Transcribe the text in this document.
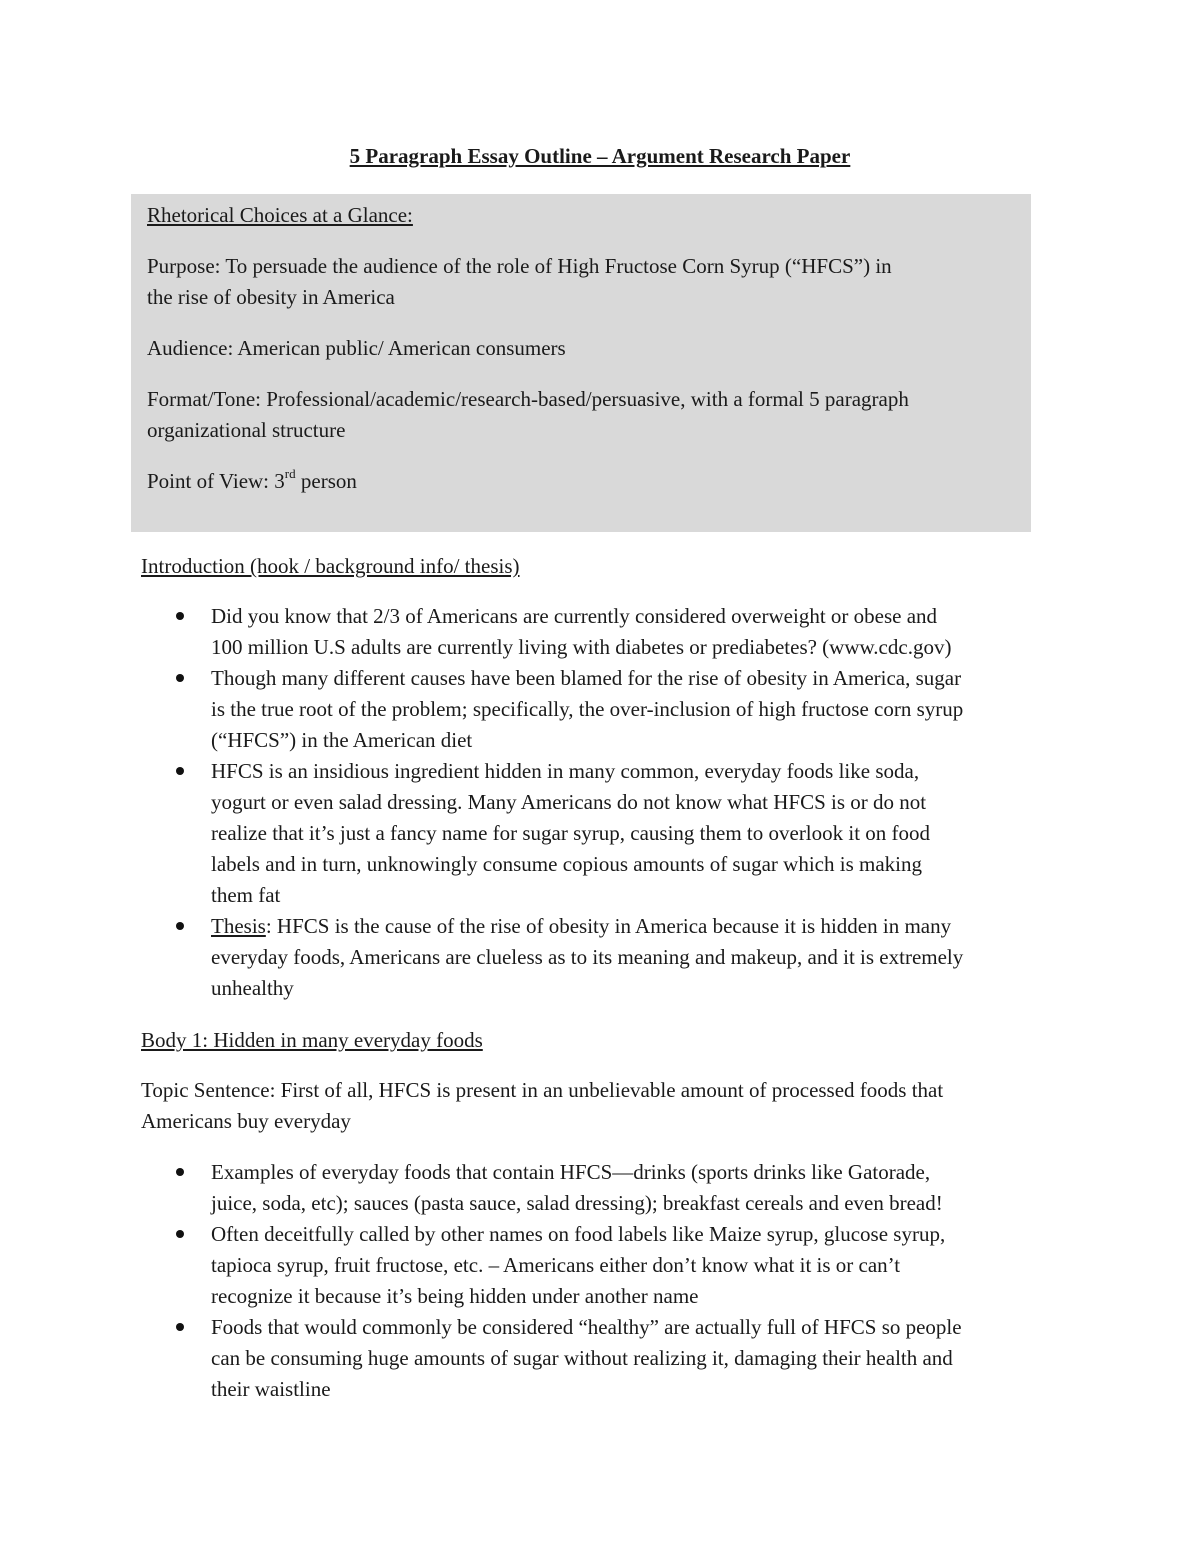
5 Paragraph Essay Outline – Argument Research Paper

Rhetorical Choices at a Glance:

Purpose: To persuade the audience of the role of High Fructose Corn Syrup (“HFCS”) in

the rise of obesity in America

Audience: American public/ American consumers

Format/Tone: Professional/academic/research-based/persuasive, with a formal 5 paragraph

organizational structure

Point of View: 3rd person

Introduction (hook / background info/ thesis)

Did you know that 2/3 of Americans are currently considered overweight or obese and
100 million U.S adults are currently living with diabetes or prediabetes? (www.cdc.gov)
Though many different causes have been blamed for the rise of obesity in America, sugar
is the true root of the problem; specifically, the over-inclusion of high fructose corn syrup
(“HFCS”) in the American diet
HFCS is an insidious ingredient hidden in many common, everyday foods like soda,
yogurt or even salad dressing. Many Americans do not know what HFCS is or do not
realize that it’s just a fancy name for sugar syrup, causing them to overlook it on food
labels and in turn, unknowingly consume copious amounts of sugar which is making
them fat
Thesis: HFCS is the cause of the rise of obesity in America because it is hidden in many
everyday foods, Americans are clueless as to its meaning and makeup, and it is extremely
unhealthy

Body 1: Hidden in many everyday foods

Topic Sentence: First of all, HFCS is present in an unbelievable amount of processed foods that

Americans buy everyday

Examples of everyday foods that contain HFCS—drinks (sports drinks like Gatorade,
juice, soda, etc); sauces (pasta sauce, salad dressing); breakfast cereals and even bread!
Often deceitfully called by other names on food labels like Maize syrup, glucose syrup,
tapioca syrup, fruit fructose, etc. – Americans either don’t know what it is or can’t
recognize it because it’s being hidden under another name
Foods that would commonly be considered “healthy” are actually full of HFCS so people
can be consuming huge amounts of sugar without realizing it, damaging their health and
their waistline
